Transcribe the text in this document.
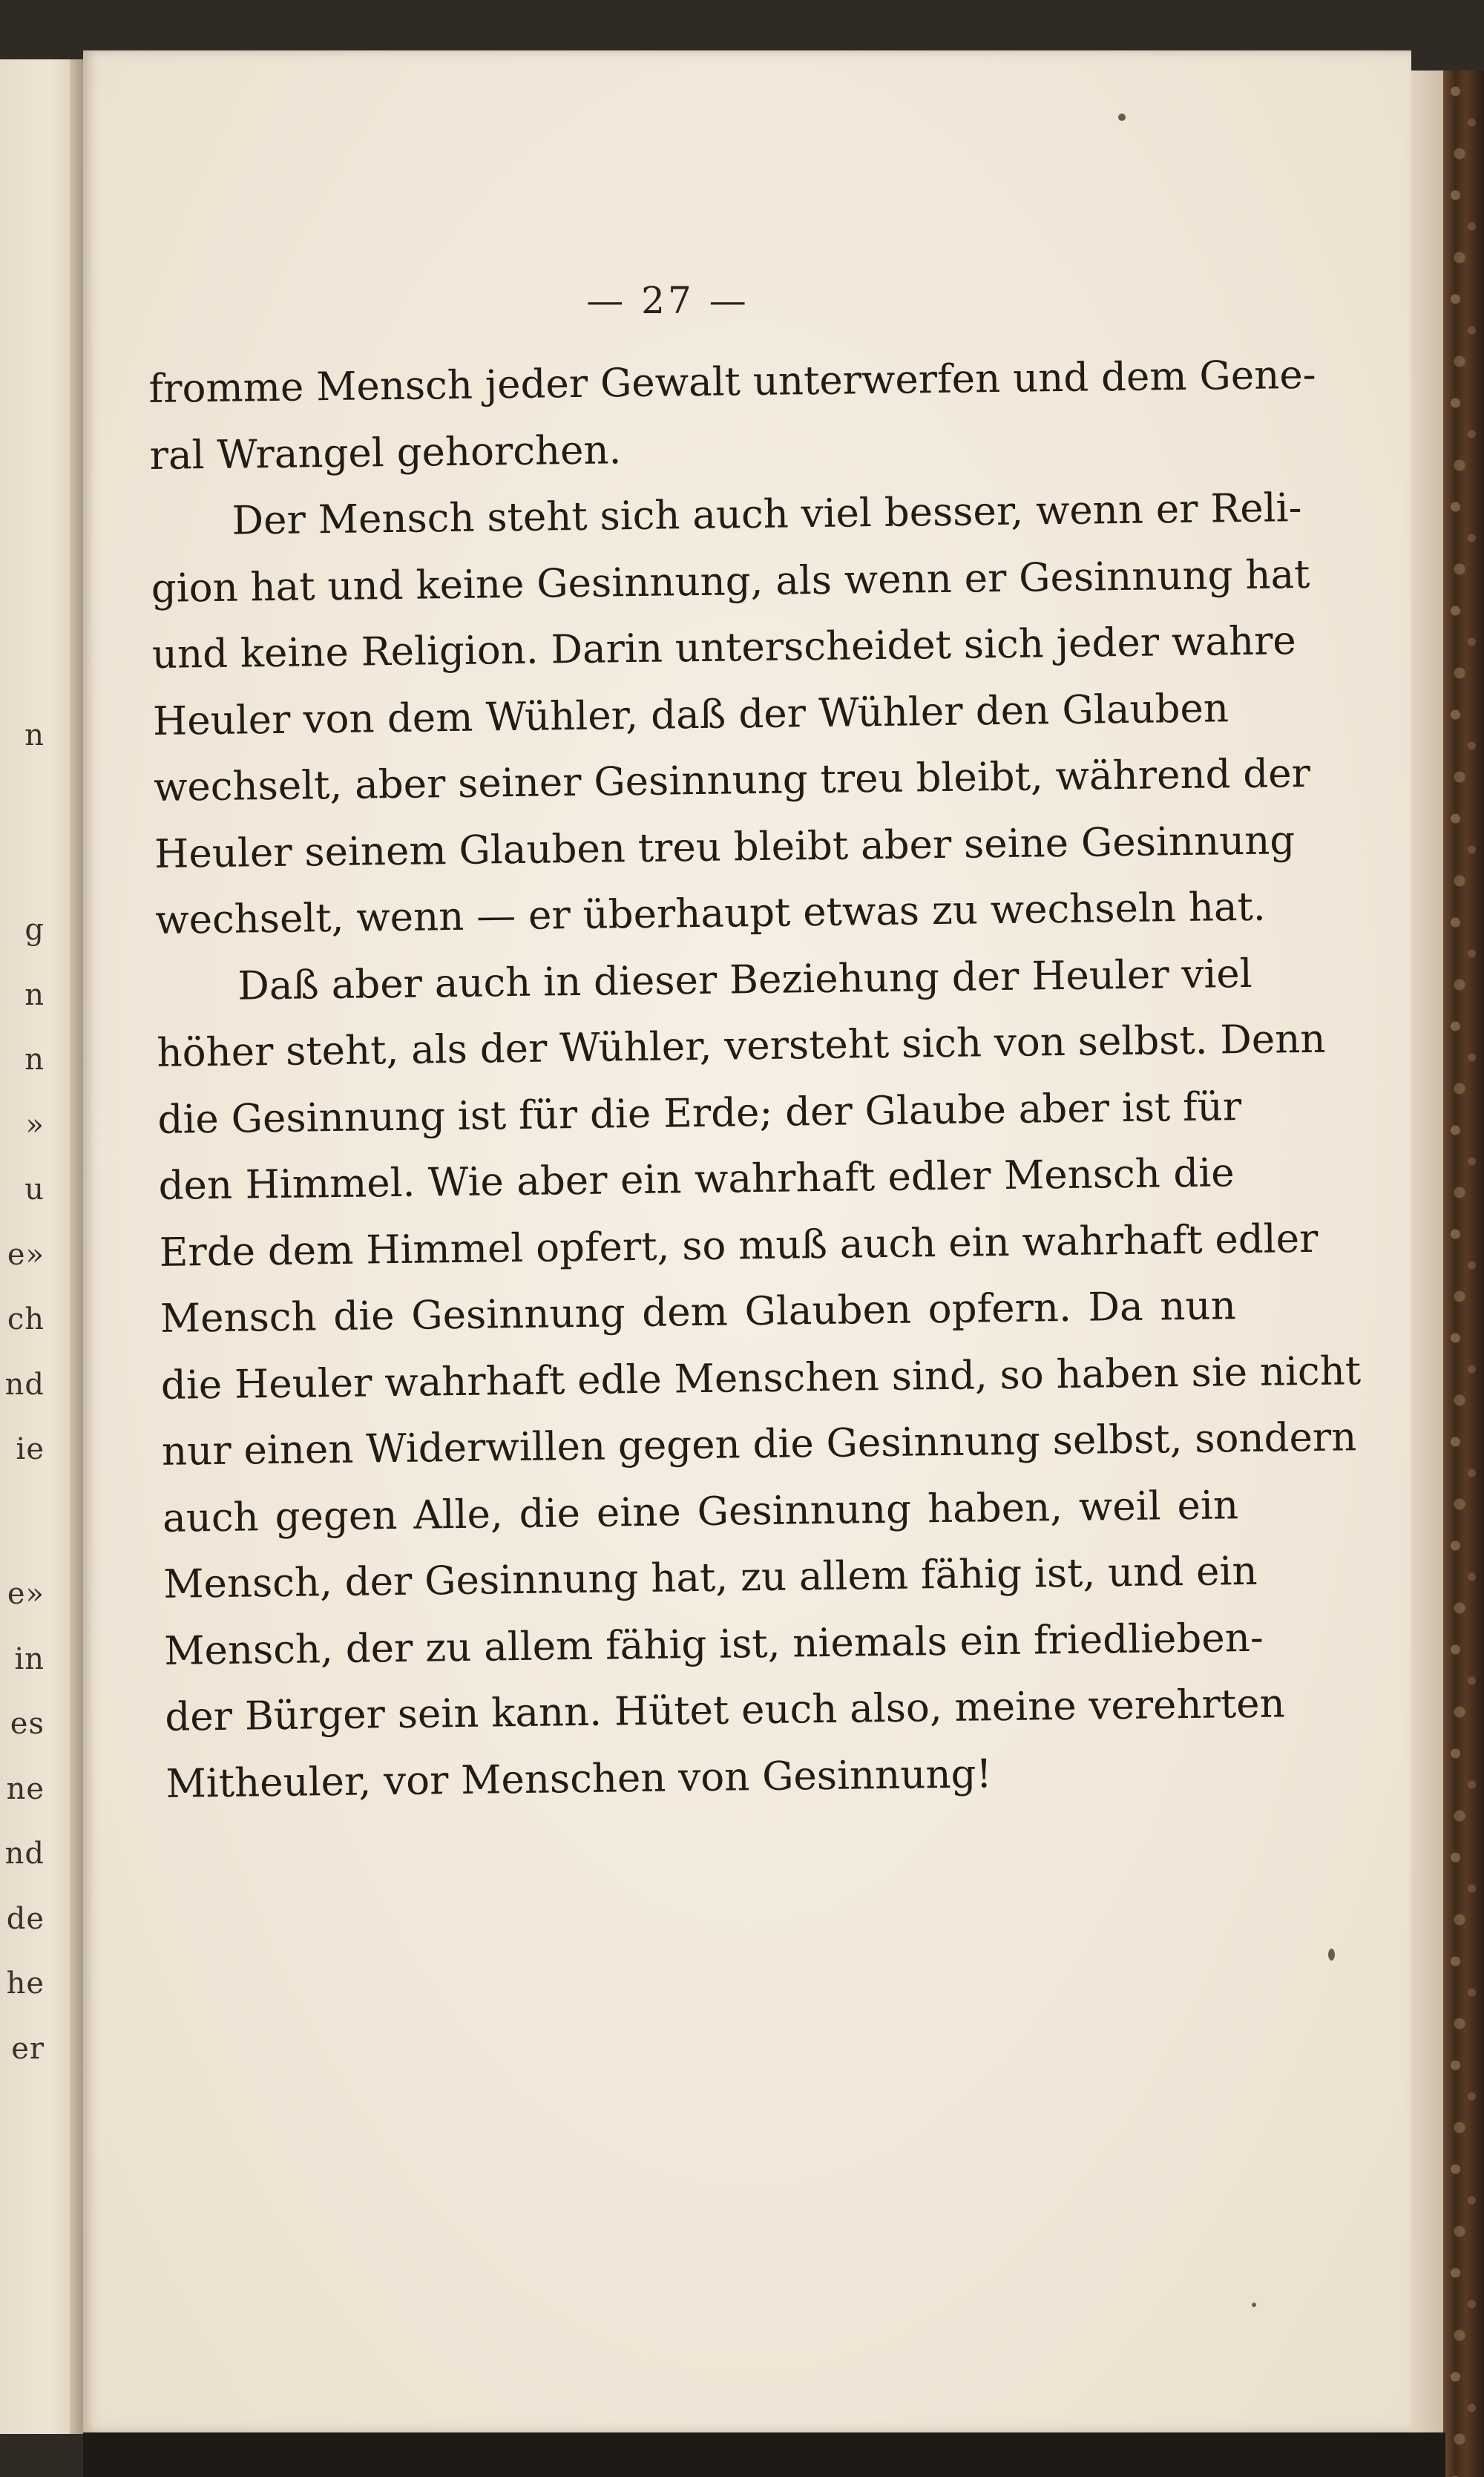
n
g
n
n
»
u
e»
ch
nd
ie
e»
in
es
ne
nd
de
he
er
— 27 —
fromme Mensch jeder Gewalt unterwerfen und dem Gene-
ral Wrangel gehorchen.
Der Mensch steht sich auch viel besser, wenn er Reli-
gion hat und keine Gesinnung, als wenn er Gesinnung hat
und keine Religion. Darin unterscheidet sich jeder wahre
Heuler von dem Wühler, daß der Wühler den Glauben
wechselt, aber seiner Gesinnung treu bleibt, während der
Heuler seinem Glauben treu bleibt aber seine Gesinnung
wechselt, wenn — er überhaupt etwas zu wechseln hat.
Daß aber auch in dieser Beziehung der Heuler viel
höher steht, als der Wühler, versteht sich von selbst. Denn
die Gesinnung ist für die Erde; der Glaube aber ist für
den Himmel. Wie aber ein wahrhaft edler Mensch die
Erde dem Himmel opfert, so muß auch ein wahrhaft edler
Mensch die Gesinnung dem Glauben opfern. Da nun
die Heuler wahrhaft edle Menschen sind, so haben sie nicht
nur einen Widerwillen gegen die Gesinnung selbst, sondern
auch gegen Alle, die eine Gesinnung haben, weil ein
Mensch, der Gesinnung hat, zu allem fähig ist, und ein
Mensch, der zu allem fähig ist, niemals ein friedlieben-
der Bürger sein kann. Hütet euch also, meine verehrten
Mitheuler, vor Menschen von Gesinnung!
